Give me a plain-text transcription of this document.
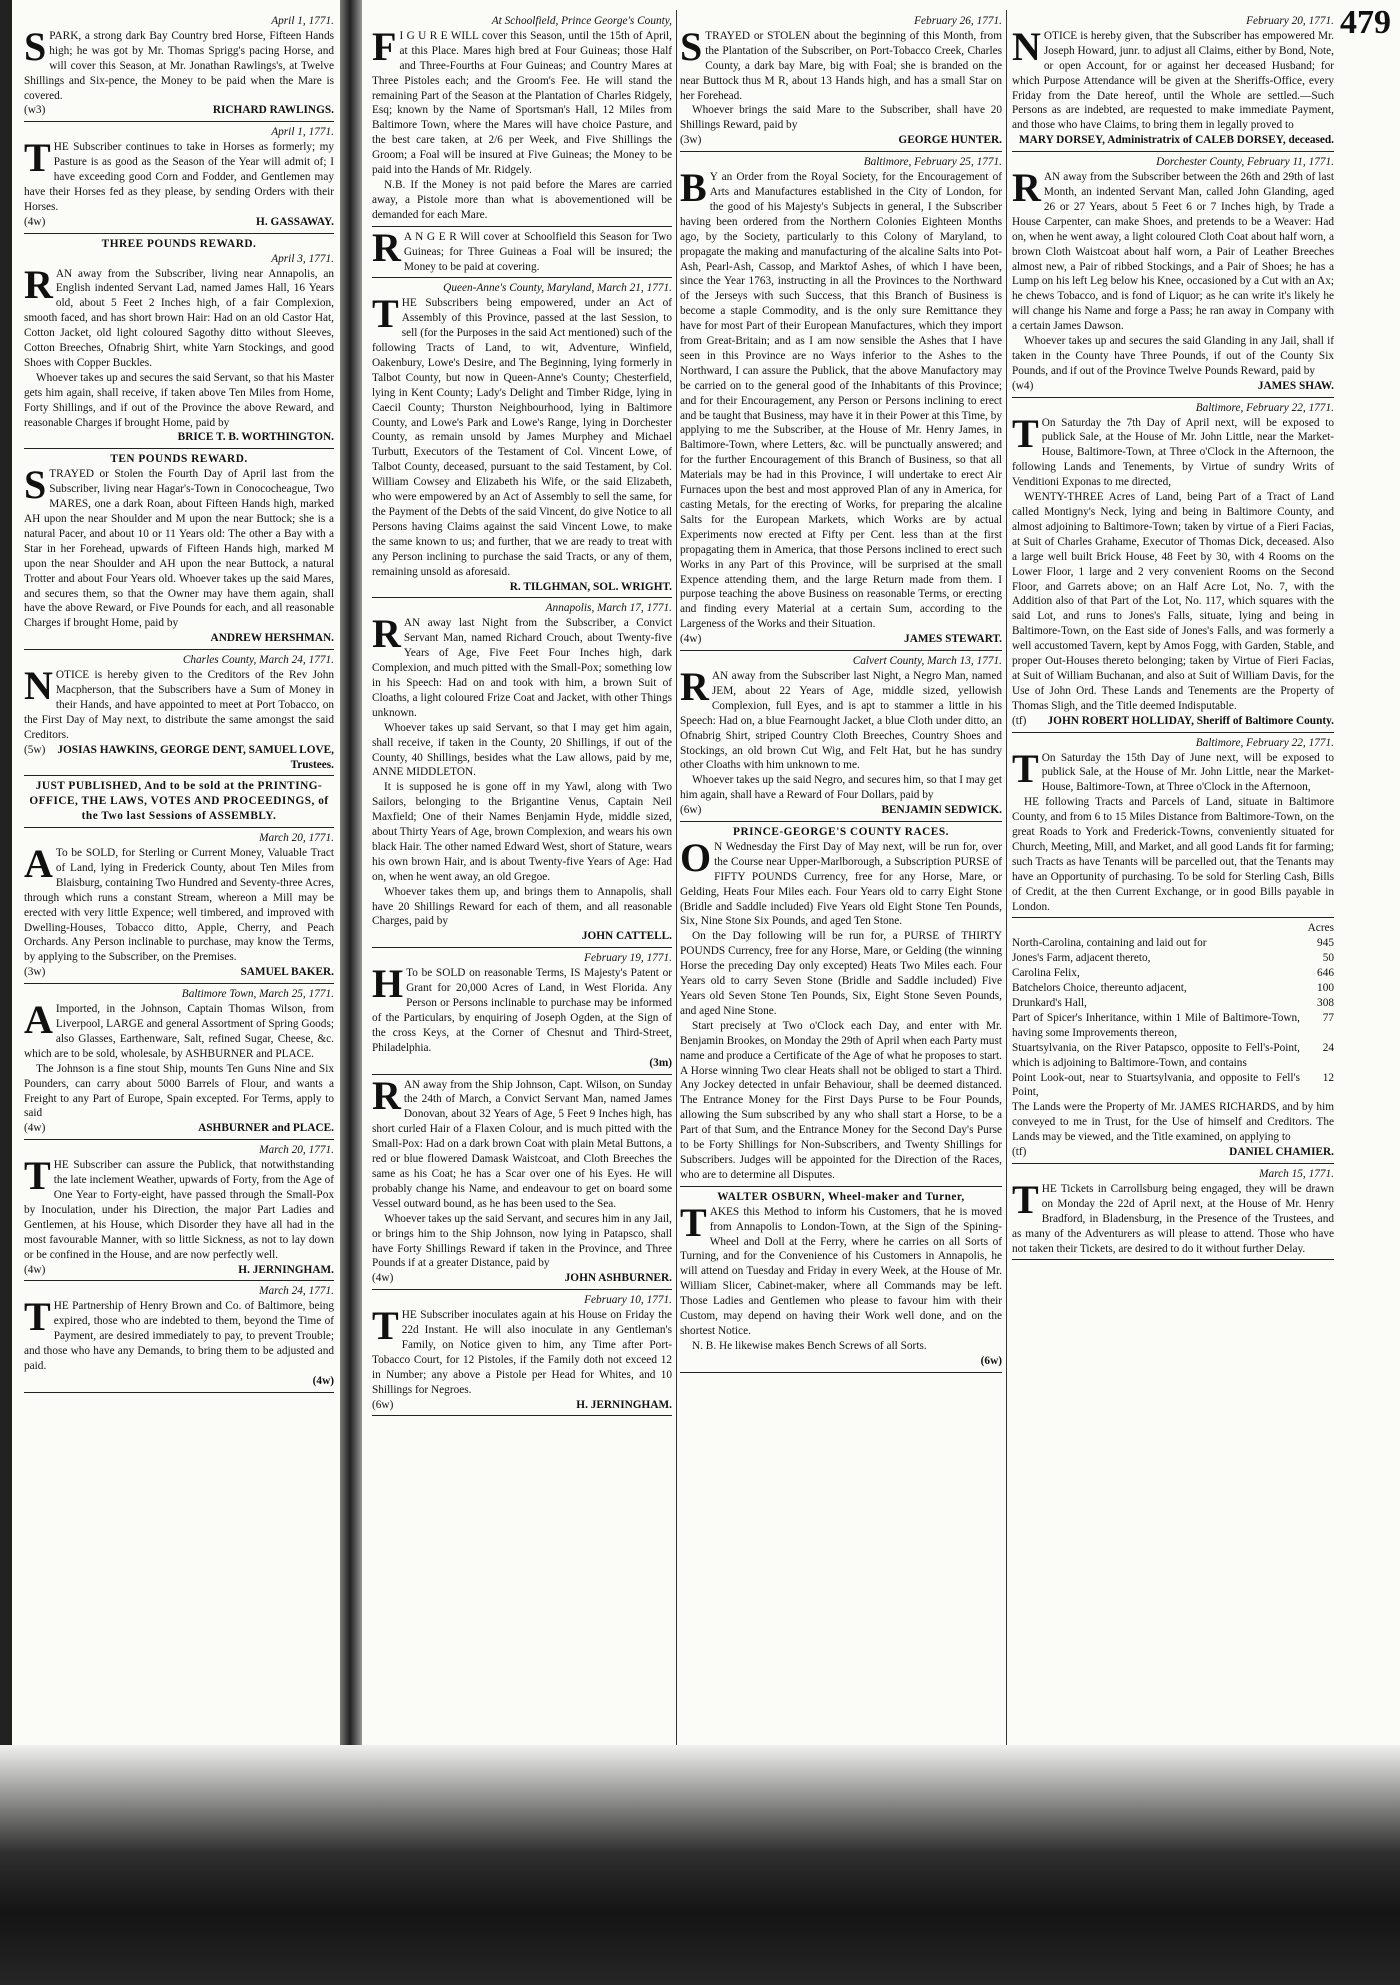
479
April 1, 1771.

SPARK, a strong dark Bay Country bred Horse, Fifteen Hands high; he was got by Mr. Thomas Sprigg's pacing Horse, and will cover this Season, at Mr. Jonathan Rawlings's, at Twelve Shillings and Six-pence, the Money to be paid when the Mare is covered.

(w3)	RICHARD RAWLINGS.
April 1, 1771.

THE Subscriber continues to take in Horses as formerly; my Pasture is as good as the Season of the Year will admit of; I have exceeding good Corn and Fodder, and Gentlemen may have their Horses fed as they please, by sending Orders with their Horses.

(4w)	H. GASSAWAY.
THREE POUNDS REWARD.
April 3, 1771.

RAN away from the Subscriber, living near Annapolis, an English indented Servant Lad, named James Hall, 16 Years old, about 5 Feet 2 Inches high, of a fair Complexion, smooth faced, and has short brown Hair: Had on an old Castor Hat, Cotton Jacket, old light coloured Sagothy ditto without Sleeves, Cotton Breeches, Ofnabrig Shirt, white Yarn Stockings, and good Shoes with Copper Buckles.

Whoever takes up and secures the said Servant, so that his Master gets him again, shall receive, if taken above Ten Miles from Home, Forty Shillings, and if out of the Province the above Reward, and reasonable Charges if brought Home, paid by

BRICE T. B. WORTHINGTON.
TEN POUNDS REWARD.

STRAYED or Stolen the Fourth Day of April last from the Subscriber, living near Hagar's-Town in Conococheague, Two MARES, one a dark Roan, about Fifteen Hands high, marked AH upon the near Shoulder and M upon the near Buttock; she is a natural Pacer, and about 10 or 11 Years old: The other a Bay with a Star in her Forehead, upwards of Fifteen Hands high, marked M upon the near Shoulder and AH upon the near Buttock, a natural Trotter and about Four Years old. Whoever takes up the said Mares, and secures them, so that the Owner may have them again, shall have the above Reward, or Five Pounds for each, and all reasonable Charges if brought Home, paid by

ANDREW HERSHMAN.
Charles County, March 24, 1771.

NOTICE is hereby given to the Creditors of the Rev John Macpherson, that the Subscribers have a Sum of Money in their Hands, and have appointed to meet at Port Tobacco, on the First Day of May next, to distribute the same amongst the said Creditors.

(5w) JOSIAS HAWKINS, GEORGE DENT, SAMUEL LOVE, Trustees.
JUST PUBLISHED, And to be sold at the PRINTING-OFFICE, THE LAWS, VOTES AND PROCEEDINGS, of the Two last Sessions of ASSEMBLY.
March 20, 1771.

A To be SOLD, for Sterling or Current Money, Valuable Tract of Land, lying in Frederick County, about Ten Miles from Blaisburg, containing Two Hundred and Seventy-three Acres, through which runs a constant Stream, whereon a Mill may be erected with very little Expence; well timbered, and improved with Dwelling-Houses, Tobacco ditto, Apple, Cherry, and Peach Orchards. Any Person inclinable to purchase, may know the Terms, by applying to the Subscriber, on the Premises.

(3w)	SAMUEL BAKER.
Baltimore Town, March 25, 1771.

A Imported, in the Johnson, Captain Thomas Wilson, from Liverpool, LARGE and general Assortment of Spring Goods; also Glasses, Earthenware, Salt, refined Sugar, Cheese, &c. which are to be sold, wholesale, by ASHBURNER and PLACE.

The Johnson is a fine stout Ship, mounts Ten Guns Nine and Six Pounders, can carry about 5000 Barrels of Flour, and wants a Freight to any Part of Europe, Spain excepted. For Terms, apply to said

(4w)	ASHBURNER and PLACE.
March 20, 1771.

THE Subscriber can assure the Publick, that notwithstanding the late inclement Weather, upwards of Forty, from the Age of One Year to Forty-eight, have passed through the Small-Pox by Inoculation, under his Direction, the major Part Ladies and Gentlemen, at his House, which Disorder they have all had in the most favourable Manner, with so little Sickness, as not to lay down or be confined in the House, and are now perfectly well.

(4w)	H. JERNINGHAM.
March 24, 1771.

THE Partnership of Henry Brown and Co. of Baltimore, being expired, those who are indebted to them, beyond the Time of Payment, are desired immediately to pay, to prevent Trouble; and those who have any Demands, to bring them to be adjusted and paid.

(4w)
At Schoolfield, Prince George's County,

F I G U R E WILL cover this Season, until the 15th of April, at this Place. Mares high bred at Four Guineas; those Half and Three-Fourths at Four Guineas; and Country Mares at Three Pistoles each; and the Groom's Fee. He will stand the remaining Part of the Season at the Plantation of Charles Ridgely, Esq; known by the Name of Sportsman's Hall, 12 Miles from Baltimore Town, where the Mares will have choice Pasture, and the best care taken, at 2/6 per Week, and Five Shillings the Groom; a Foal will be insured at Five Guineas; the Money to be paid into the Hands of Mr. Ridgely.

N.B. If the Money is not paid before the Mares are carried away, a Pistole more than what is abovementioned will be demanded for each Mare.

R A N G E R Will cover at Schoolfield this Season for Two Guineas; for Three Guineas a Foal will be insured; the Money to be paid at covering.

Queen-Anne's County, Maryland, March 21, 1771.

THE Subscribers being empowered, under an Act of Assembly of this Province, passed at the last Session, to sell (for the Purposes in the said Act mentioned) such of the following Tracts of Land, to wit, Adventure, Winfield, Oakenbury, Lowe's Desire, and The Beginning, lying formerly in Talbot County, but now in Queen-Anne's County; Chesterfield, lying in Kent County; Lady's Delight and Timber Ridge, lying in Caecil County; Thurston Neighbourhood, lying in Baltimore County, and Lowe's Park and Lowe's Range, lying in Dorchester County, as remain unsold by James Murphey and Michael Turbutt, Executors of the Testament of Col. Vincent Lowe, of Talbot County, deceased, pursuant to the said Testament, by Col. William Cowsey and Elizabeth his Wife, or the said Elizabeth, who were empowered by an Act of Assembly to sell the same, for the Payment of the Debts of the said Vincent, do give Notice to all Persons having Claims against the said Vincent Lowe, to make the same known to us; and further, that we are ready to treat with any Person inclining to purchase the said Tracts, or any of them, remaining unsold as aforesaid.

R. TILGHMAN, SOL. WRIGHT.
Annapolis, March 17, 1771.

RAN away last Night from the Subscriber, a Convict Servant Man, named Richard Crouch, about Twenty-five Years of Age, Five Feet Four Inches high, dark Complexion, and much pitted with the Small-Pox; something low in his Speech: Had on and took with him, a brown Suit of Cloaths, a light coloured Frize Coat and Jacket, with other Things unknown.

Whoever takes up said Servant, so that I may get him again, shall receive, if taken in the County, 20 Shillings, if out of the County, 40 Shillings, besides what the Law allows, paid by me, ANNE MIDDLETON.

It is supposed he is gone off in my Yawl, along with Two Sailors, belonging to the Brigantine Venus, Captain Neil Maxfield; One of their Names Benjamin Hyde, middle sized, about Thirty Years of Age, brown Complexion, and wears his own black Hair. The other named Edward West, short of Stature, wears his own brown Hair, and is about Twenty-five Years of Age: Had on, when he went away, an old Gregoe.

Whoever takes them up, and brings them to Annapolis, shall have 20 Shillings Reward for each of them, and all reasonable Charges, paid by

JOHN CATTELL.
February 19, 1771.

H To be SOLD on reasonable Terms, IS Majesty's Patent or Grant for 20,000 Acres of Land, in West Florida. Any Person or Persons inclinable to purchase may be informed of the Particulars, by enquiring of Joseph Ogden, at the Sign of the cross Keys, at the Corner of Chesnut and Third-Street, Philadelphia.

(3m)

RAN away from the Ship Johnson, Capt. Wilson, on Sunday the 24th of March, a Convict Servant Man, named James Donovan, about 32 Years of Age, 5 Feet 9 Inches high, has short curled Hair of a Flaxen Colour, and is much pitted with the Small-Pox: Had on a dark brown Coat with plain Metal Buttons, a red or blue flowered Damask Waistcoat, and Cloth Breeches the same as his Coat; he has a Scar over one of his Eyes. He will probably change his Name, and endeavour to get on board some Vessel outward bound, as he has been used to the Sea.

Whoever takes up the said Servant, and secures him in any Jail, or brings him to the Ship Johnson, now lying in Patapsco, shall have Forty Shillings Reward if taken in the Province, and Three Pounds if at a greater Distance, paid by

(4w)	JOHN ASHBURNER.
February 10, 1771.

THE Subscriber inoculates again at his House on Friday the 22d Instant. He will also inoculate in any Gentleman's Family, on Notice given to him, any Time after Port-Tobacco Court, for 12 Pistoles, if the Family doth not exceed 12 in Number; any above a Pistole per Head for Whites, and 10 Shillings for Negroes.

(6w)	H. JERNINGHAM.
February 26, 1771.

STRAYED or STOLEN about the beginning of this Month, from the Plantation of the Subscriber, on Port-Tobacco Creek, Charles County, a dark bay Mare, big with Foal; she is branded on the near Buttock thus M R, about 13 Hands high, and has a small Star on her Forehead.

Whoever brings the said Mare to the Subscriber, shall have 20 Shillings Reward, paid by

(3w)	GEORGE HUNTER.
Baltimore, February 25, 1771.

B Y an Order from the Royal Society, for the Encouragement of Arts and Manufactures established in the City of London, for the good of his Majesty's Subjects in general, I the Subscriber having been ordered from the Northern Colonies Eighteen Months ago, by the Society, particularly to this Colony of Maryland, to propagate the making and manufacturing of the alcaline Salts into Pot-Ash, Pearl-Ash, Cassop, and Marktof Ashes, of which I have been, since the Year 1763, instructing in all the Provinces to the Northward of the Jerseys with such Success, that this Branch of Business is become a staple Commodity, and is the only sure Remittance they have for most Part of their European Manufactures, which they import from Great-Britain; and as I am now sensible the Ashes that I have seen in this Province are no Ways inferior to the Ashes to the Northward, I can assure the Publick, that the above Manufactory may be carried on to the general good of the Inhabitants of this Province; and for their Encouragement, any Person or Persons inclining to erect and be taught that Business, may have it in their Power at this Time, by applying to me the Subscriber, at the House of Mr. Henry James, in Baltimore-Town, where Letters, &c. will be punctually answered; and for the further Encouragement of this Branch of Business, so that all Materials may be had in this Province, I will undertake to erect Air Furnaces upon the best and most approved Plan of any in America, for casting Metals, for the erecting of Works, for preparing the alcaline Salts for the European Markets, which Works are by actual Experiments now erected at Fifty per Cent. less than at the first propagating them in America, that those Persons inclined to erect such Works in any Part of this Province, will be surprised at the small Expence attending them, and the large Return made from them. I purpose teaching the above Business on reasonable Terms, or erecting and finding every Material at a certain Sum, according to the Largeness of the Works and their Situation.

(4w)	JAMES STEWART.
Calvert County, March 13, 1771.

RAN away from the Subscriber last Night, a Negro Man, named JEM, about 22 Years of Age, middle sized, yellowish Complexion, full Eyes, and is apt to stammer a little in his Speech: Had on, a blue Fearnought Jacket, a blue Cloth under ditto, an Ofnabrig Shirt, striped Country Cloth Breeches, Country Shoes and Stockings, an old brown Cut Wig, and Felt Hat, but he has sundry other Cloaths with him unknown to me.

Whoever takes up the said Negro, and secures him, so that I may get him again, shall have a Reward of Four Dollars, paid by

(6w)	BENJAMIN SEDWICK.
PRINCE-GEORGE'S COUNTY RACES.

O N Wednesday the First Day of May next, will be run for, over the Course near Upper-Marlborough, a Subscription PURSE of FIFTY POUNDS Currency, free for any Horse, Mare, or Gelding, Heats Four Miles each. Four Years old to carry Eight Stone (Bridle and Saddle included) Five Years old Eight Stone Ten Pounds, Six, Nine Stone Six Pounds, and aged Ten Stone.

On the Day following will be run for, a PURSE of THIRTY POUNDS Currency, free for any Horse, Mare, or Gelding (the winning Horse the preceding Day only excepted) Heats Two Miles each. Four Years old to carry Seven Stone (Bridle and Saddle included) Five Years old Seven Stone Ten Pounds, Six, Eight Stone Seven Pounds, and aged Nine Stone.

Start precisely at Two o'Clock each Day, and enter with Mr. Benjamin Brookes, on Monday the 29th of April when each Party must name and produce a Certificate of the Age of what he proposes to start. A Horse winning Two clear Heats shall not be obliged to start a Third. Any Jockey detected in unfair Behaviour, shall be deemed distanced. The Entrance Money for the First Days Purse to be Four Pounds, allowing the Sum subscribed by any who shall start a Horse, to be a Part of that Sum, and the Entrance Money for the Second Day's Purse to be Forty Shillings for Non-Subscribers, and Twenty Shillings for Subscribers. Judges will be appointed for the Direction of the Races, who are to determine all Disputes.

WALTER OSBURN, Wheel-maker and Turner,

TAKES this Method to inform his Customers, that he is moved from Annapolis to London-Town, at the Sign of the Spining-Wheel and Doll at the Ferry, where he carries on all Sorts of Turning, and for the Convenience of his Customers in Annapolis, he will attend on Tuesday and Friday in every Week, at the House of Mr. William Slicer, Cabinet-maker, where all Commands may be left. Those Ladies and Gentlemen who please to favour him with their Custom, may depend on having their Work well done, and on the shortest Notice.

N. B. He likewise makes Bench Screws of all Sorts.

(6w)
February 20, 1771.

NOTICE is hereby given, that the Subscriber has empowered Mr. Joseph Howard, junr. to adjust all Claims, either by Bond, Note, or open Account, for or against her deceased Husband; for which Purpose Attendance will be given at the Sheriffs-Office, every Friday from the Date hereof, until the Whole are settled.—Such Persons as are indebted, are requested to make immediate Payment, and those who have Claims, to bring them in legally proved to

MARY DORSEY, Administratrix of CALEB DORSEY, deceased.
Dorchester County, February 11, 1771.

RAN away from the Subscriber between the 26th and 29th of last Month, an indented Servant Man, called John Glanding, aged 26 or 27 Years, about 5 Feet 6 or 7 Inches high, by Trade a House Carpenter, can make Shoes, and pretends to be a Weaver: Had on, when he went away, a light coloured Cloth Coat about half worn, a brown Cloth Waistcoat about half worn, a Pair of Leather Breeches almost new, a Pair of ribbed Stockings, and a Pair of Shoes; he has a Lump on his left Leg below his Knee, occasioned by a Cut with an Ax; he chews Tobacco, and is fond of Liquor; as he can write it's likely he will change his Name and forge a Pass; he ran away in Company with a certain James Dawson.

Whoever takes up and secures the said Glanding in any Jail, shall if taken in the County have Three Pounds, if out of the County Six Pounds, and if out of the Province Twelve Pounds Reward, paid by

(w4)	JAMES SHAW.
Baltimore, February 22, 1771.

T On Saturday the 7th Day of April next, will be exposed to publick Sale, at the House of Mr. John Little, near the Market-House, Baltimore-Town, at Three o'Clock in the Afternoon, the following Lands and Tenements, by Virtue of sundry Writs of Venditioni Exponas to me directed,

WENTY-THREE Acres of Land, being Part of a Tract of Land called Montigny's Neck, lying and being in Baltimore County, and almost adjoining to Baltimore-Town; taken by virtue of a Fieri Facias, at Suit of Charles Grahame, Executor of Thomas Dick, deceased. Also a large well built Brick House, 48 Feet by 30, with 4 Rooms on the Lower Floor, 1 large and 2 very convenient Rooms on the Second Floor, and Garrets above; on an Half Acre Lot, No. 7, with the Addition also of that Part of the Lot, No. 117, which squares with the said Lot, and runs to Jones's Falls, situate, lying and being in Baltimore-Town, on the East side of Jones's Falls, and was formerly a well accustomed Tavern, kept by Amos Fogg, with Garden, Stable, and proper Out-Houses thereto belonging; taken by Virtue of Fieri Facias, at Suit of William Buchanan, and also at Suit of William Davis, for the Use of John Ord. These Lands and Tenements are the Property of Thomas Sligh, and the Title deemed Indisputable.

(tf) JOHN ROBERT HOLLIDAY, Sheriff of Baltimore County.
Baltimore, February 22, 1771.

T On Saturday the 15th Day of June next, will be exposed to publick Sale, at the House of Mr. John Little, near the Market-House, Baltimore-Town, at Three o'Clock in the Afternoon,

HE following Tracts and Parcels of Land, situate in Baltimore County, and from 6 to 15 Miles Distance from Baltimore-Town, on the great Roads to York and Frederick-Towns, conveniently situated for Church, Meeting, Mill, and Market, and all good Lands fit for farming; such Tracts as have Tenants will be parcelled out, that the Tenants may have an Opportunity of purchasing. To be sold for Sterling Cash, Bills of Credit, at the then Current Exchange, or in good Bills payable in London.

	Acres
North-Carolina, containing and laid out for	945
Jones's Farm, adjacent thereto,	50
Carolina Felix,	646
Batchelors Choice, thereunto adjacent,	100
Drunkard's Hall,	308
Part of Spicer's Inheritance, within 1 Mile of Baltimore-Town, having some Improvements thereon,	77
Stuartsylvania, on the River Patapsco, opposite to Fell's-Point, which is adjoining to Baltimore-Town, and contains	24
Point Look-out, near to Stuartsylvania, and opposite to Fell's Point,	12

The Lands were the Property of Mr. JAMES RICHARDS, and by him conveyed to me in Trust, for the Use of himself and Creditors. The Lands may be viewed, and the Title examined, on applying to

(tf)	DANIEL CHAMIER.
March 15, 1771.

THE Tickets in Carrollsburg being engaged, they will be drawn on Monday the 22d of April next, at the House of Mr. Henry Bradford, in Bladensburg, in the Presence of the Trustees, and as many of the Adventurers as will please to attend. Those who have not taken their Tickets, are desired to do it without further Delay.
